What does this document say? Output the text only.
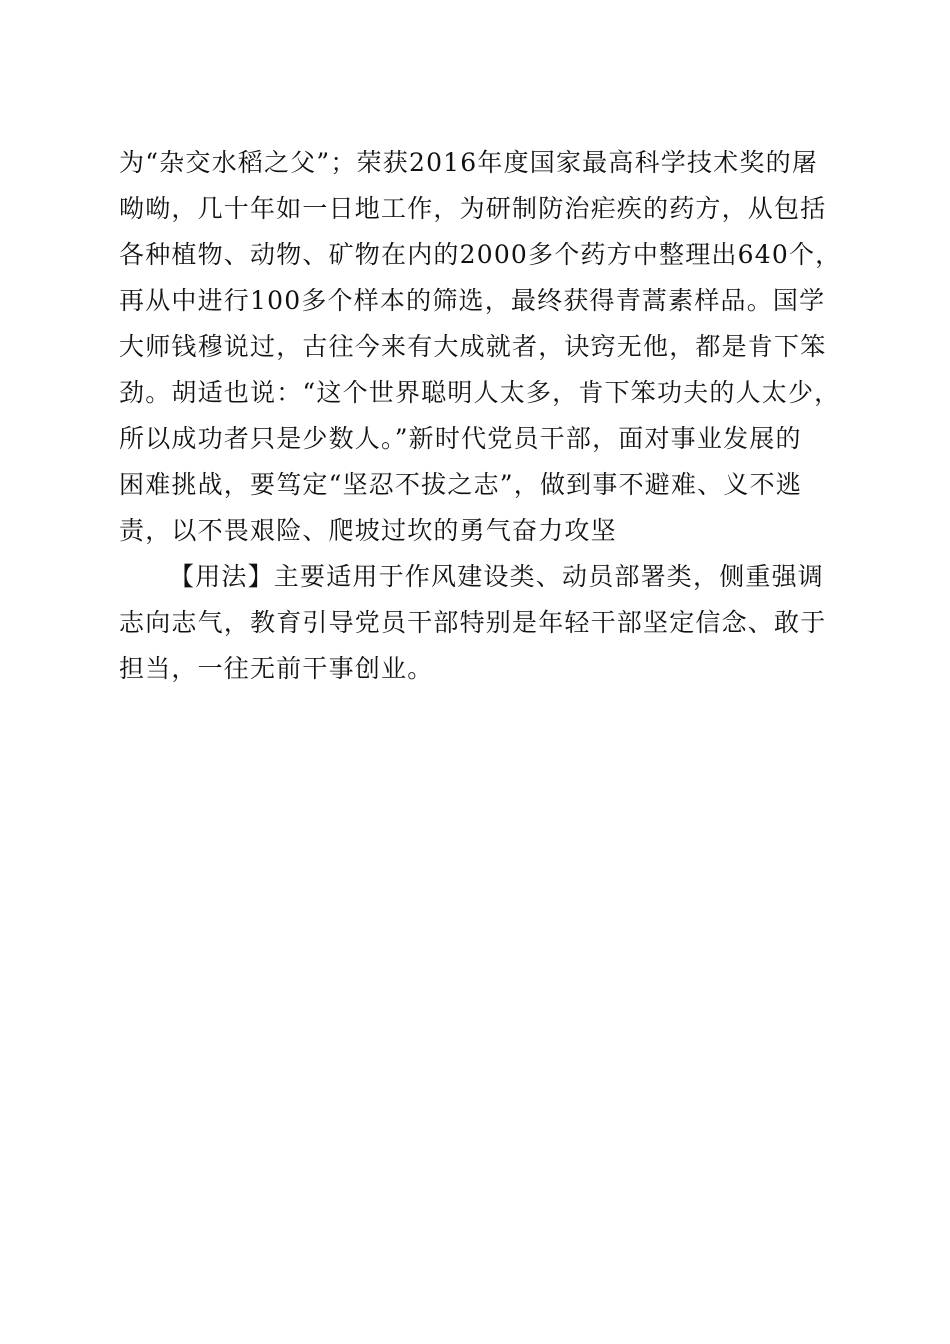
为“杂交水稻之父”；荣获2016年度国家最高科学技术奖的屠
呦呦，几十年如一日地工作，为研制防治疟疾的药方，从包括
各种植物、动物、矿物在内的2000多个药方中整理出640个，
再从中进行100多个样本的筛选，最终获得青蒿素样品。国学
大师钱穆说过，古往今来有大成就者，诀窍无他，都是肯下笨
劲。胡适也说：“这个世界聪明人太多，肯下笨功夫的人太少，
所以成功者只是少数人。”新时代党员干部，面对事业发展的
困难挑战，要笃定“坚忍不拔之志”，做到事不避难、义不逃
责，以不畏艰险、爬坡过坎的勇气奋力攻坚
【用法】主要适用于作风建设类、动员部署类，侧重强调
志向志气，教育引导党员干部特别是年轻干部坚定信念、敢于
担当，一往无前干事创业。
